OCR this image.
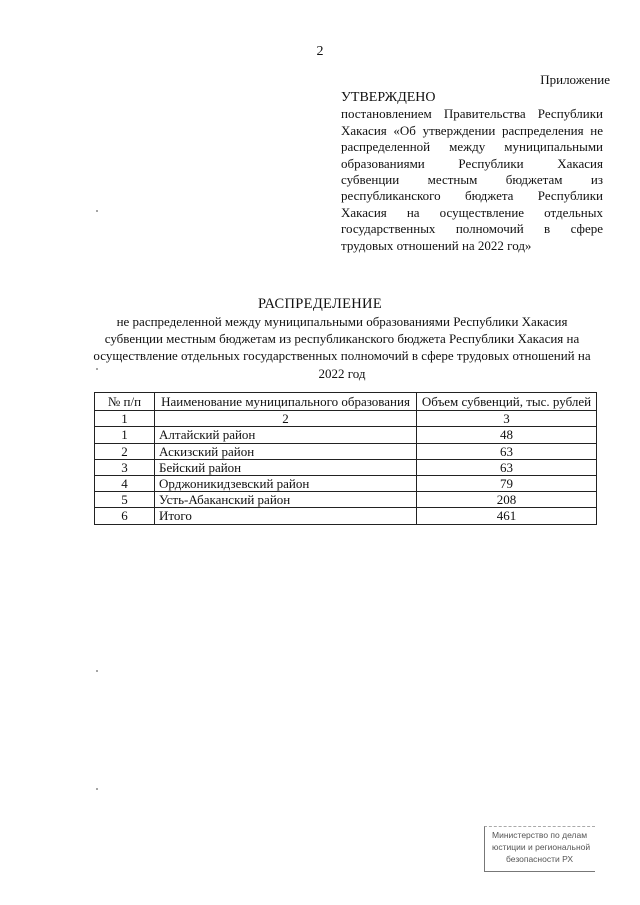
2
Приложение
УТВЕРЖДЕНО
постановлением Правительства Республики Хакасия «Об утверждении распределения не распределенной между муниципальными образованиями Республики Хакасия субвенции местным бюджетам из республиканского бюджета Республики Хакасия на осуществление отдельных государственных полномочий в сфере трудовых отношений на 2022 год»
РАСПРЕДЕЛЕНИЕ
не распределенной между муниципальными образованиями Республики Хакасия субвенции местным бюджетам из республиканского бюджета Республики Хакасия на осуществление отдельных государственных полномочий в сфере трудовых отношений на 2022 год
№ п/п	Наименование муниципального образования	Объем субвенций, тыс. рублей
1	2	3
1	Алтайский район	48
2	Аскизский район	63
3	Бейский район	63
4	Орджоникидзевский район	79
5	Усть-Абаканский район	208
6	Итого	461
Министерство по делам
юстиции и региональной
безопасности РХ
